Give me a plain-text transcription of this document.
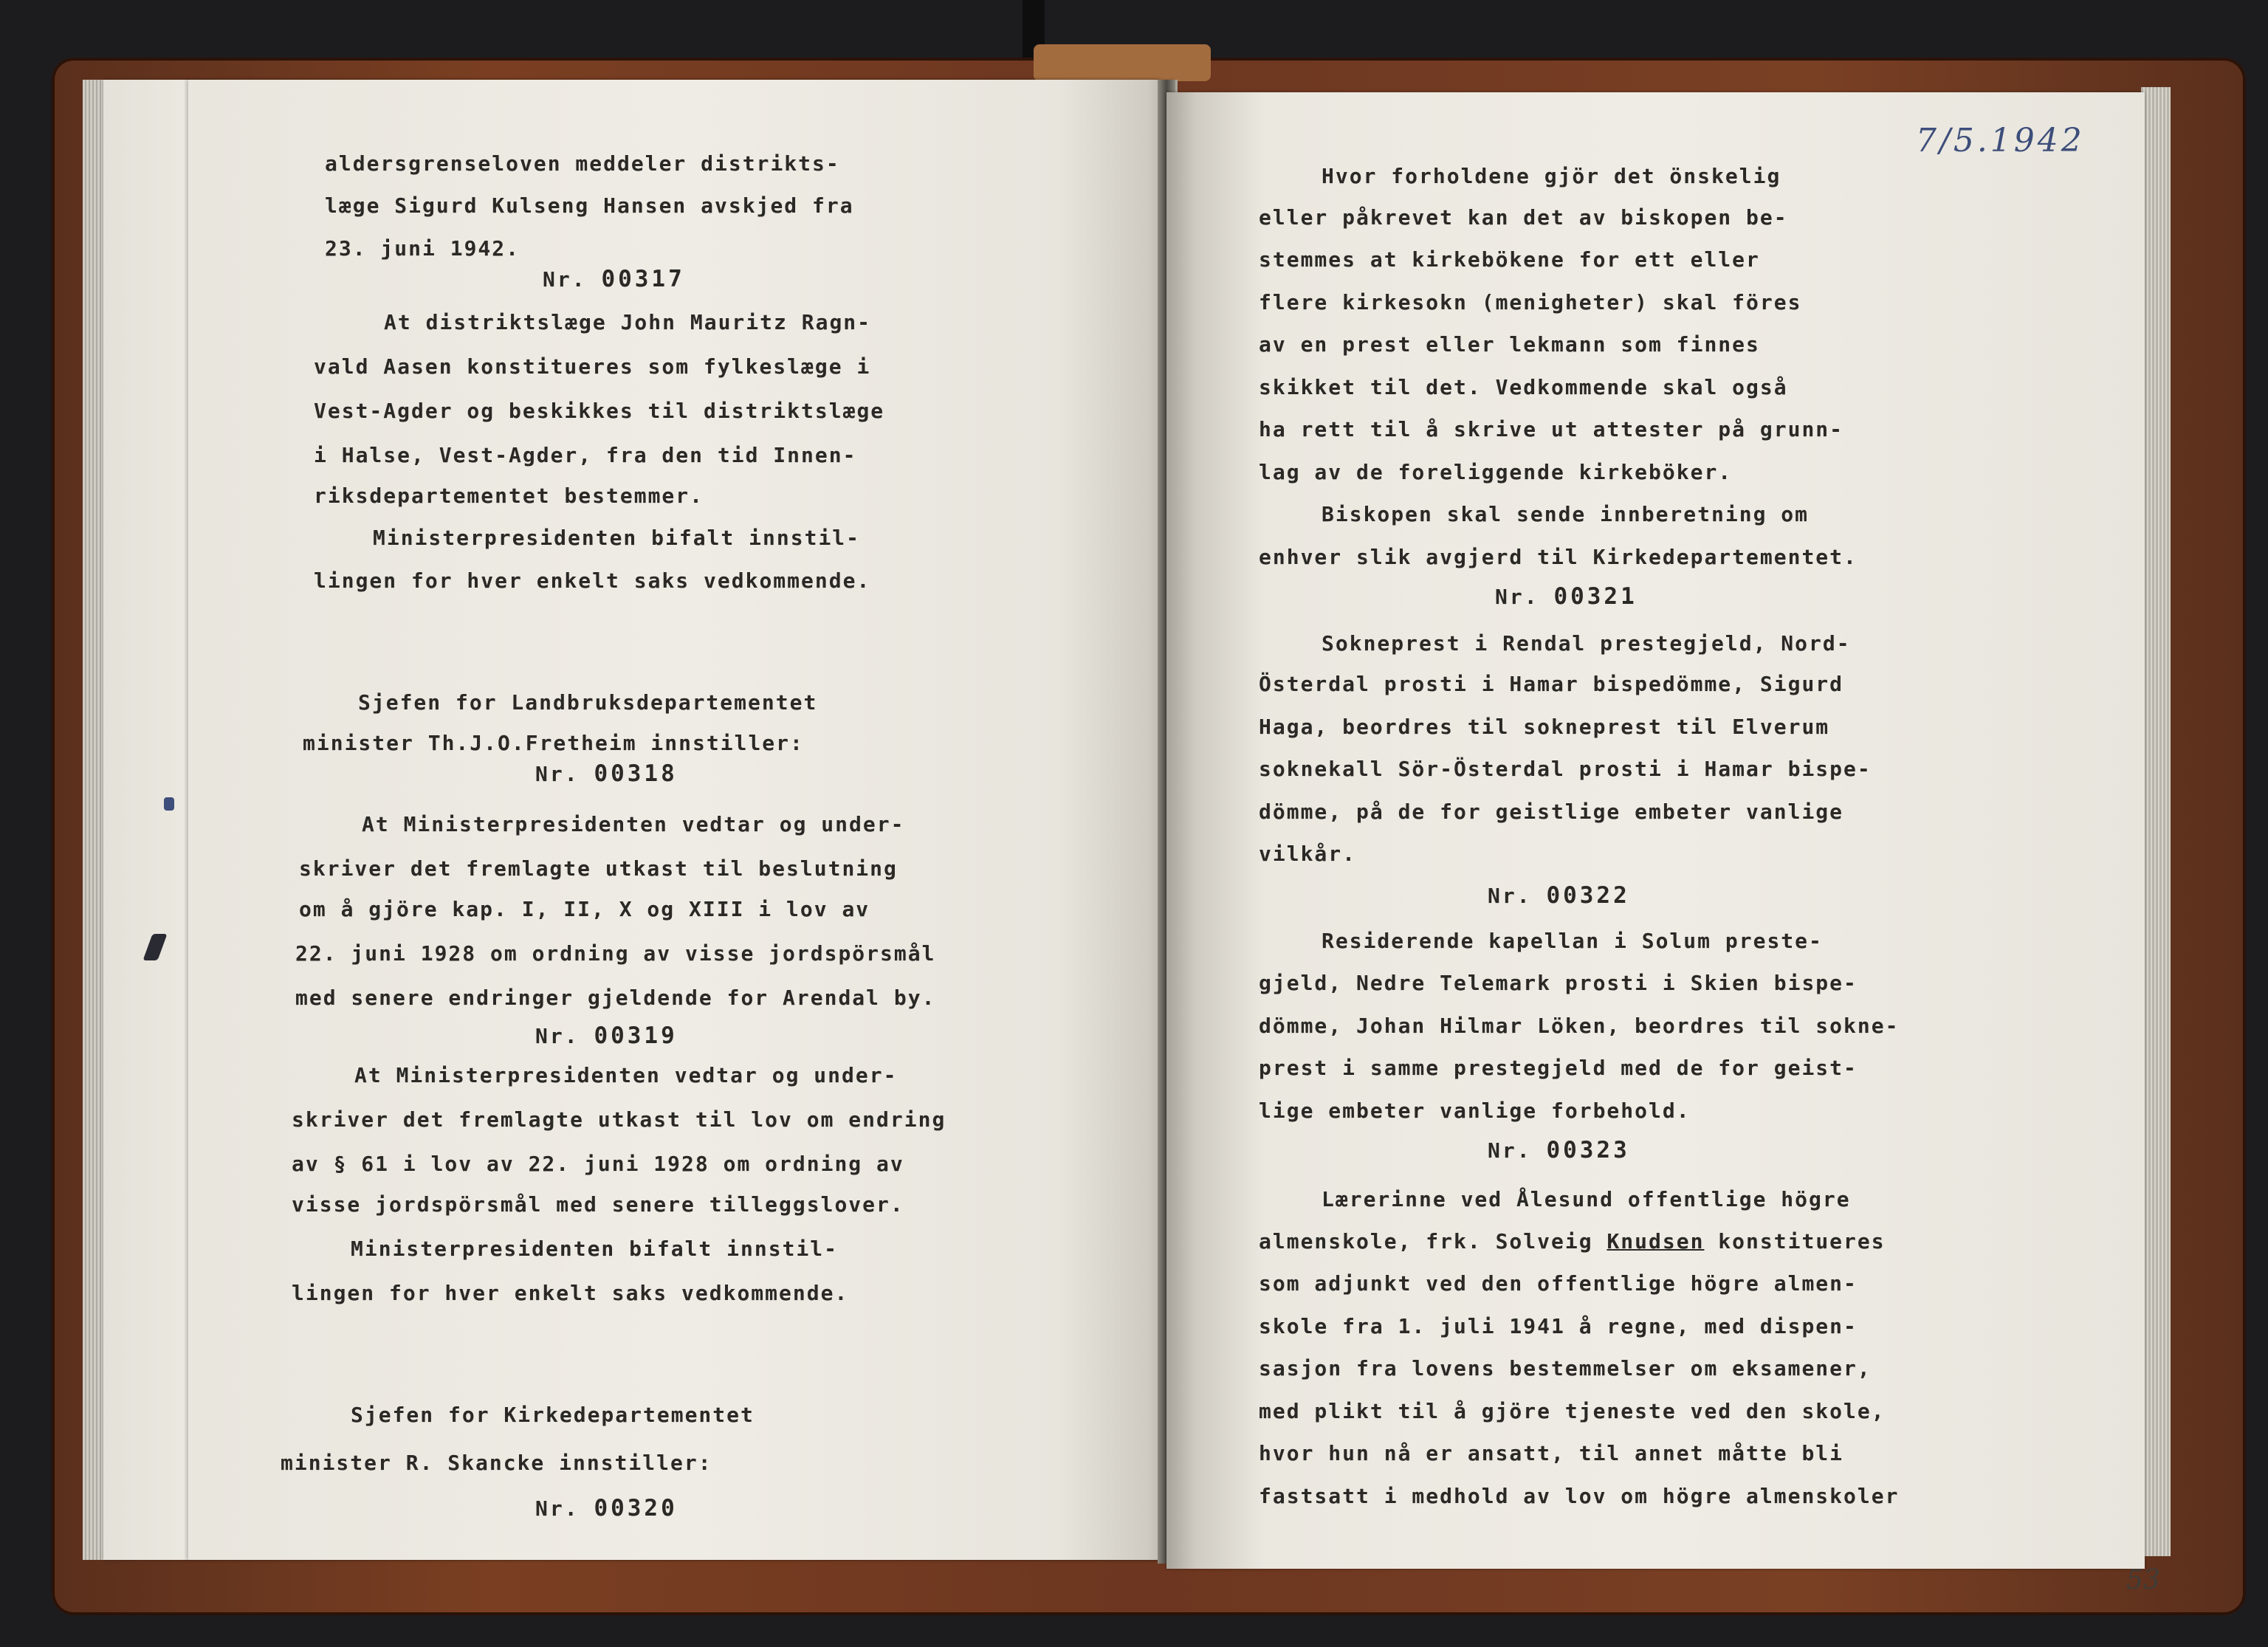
aldersgrenseloven meddeler distrikts-
læge Sigurd Kulseng Hansen avskjed fra
23. juni 1942.
Nr. 00317
At distriktslæge John Mauritz Ragn-
vald Aasen konstitueres som fylkeslæge i
Vest-Agder og beskikkes til distriktslæge
i Halse, Vest-Agder, fra den tid Innen-
riksdepartementet bestemmer.
Ministerpresidenten bifalt innstil-
lingen for hver enkelt saks vedkommende.
Sjefen for Landbruksdepartementet
minister Th.J.O.Fretheim innstiller:
Nr. 00318
At Ministerpresidenten vedtar og under-
skriver det fremlagte utkast til beslutning
om å gjöre kap. I, II, X og XIII i lov av
22. juni 1928 om ordning av visse jordspörsmål
med senere endringer gjeldende for Arendal by.
Nr. 00319
At Ministerpresidenten vedtar og under-
skriver det fremlagte utkast til lov om endring
av § 61 i lov av 22. juni 1928 om ordning av
visse jordspörsmål med senere tilleggslover.
Ministerpresidenten bifalt innstil-
lingen for hver enkelt saks vedkommende.
Sjefen for Kirkedepartementet
minister R. Skancke innstiller:
Nr. 00320
7/5.1942
Hvor forholdene gjör det önskelig
eller påkrevet kan det av biskopen be-
stemmes at kirkebökene for ett eller
flere kirkesokn (menigheter) skal föres
av en prest eller lekmann som finnes
skikket til det. Vedkommende skal også
ha rett til å skrive ut attester på grunn-
lag av de foreliggende kirkeböker.
Biskopen skal sende innberetning om
enhver slik avgjerd til Kirkedepartementet.
Nr. 00321
Sokneprest i Rendal prestegjeld, Nord-
Österdal prosti i Hamar bispedömme, Sigurd
Haga, beordres til sokneprest til Elverum
soknekall Sör-Österdal prosti i Hamar bispe-
dömme, på de for geistlige embeter vanlige
vilkår.
Nr. 00322
Residerende kapellan i Solum preste-
gjeld, Nedre Telemark prosti i Skien bispe-
dömme, Johan Hilmar Löken, beordres til sokne-
prest i samme prestegjeld med de for geist-
lige embeter vanlige forbehold.
Nr. 00323
Lærerinne ved Ålesund offentlige högre
almenskole, frk. Solveig Knudsen konstitueres
som adjunkt ved den offentlige högre almen-
skole fra 1. juli 1941 å regne, med dispen-
sasjon fra lovens bestemmelser om eksamener,
med plikt til å gjöre tjeneste ved den skole,
hvor hun nå er ansatt, til annet måtte bli
fastsatt i medhold av lov om högre almenskoler
53
